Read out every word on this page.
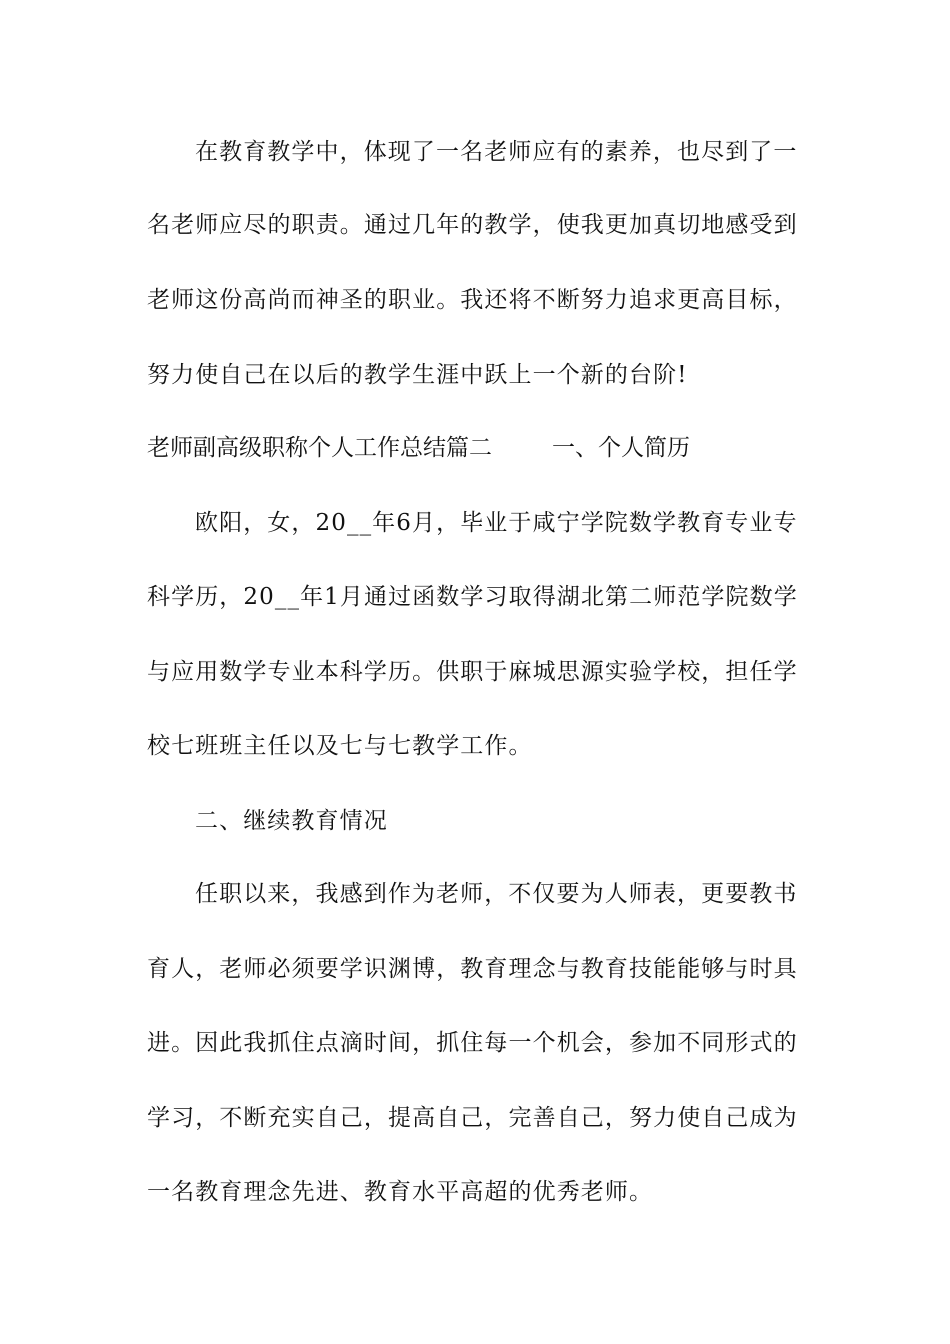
在教育教学中，体现了一名老师应有的素养，也尽到了一
名老师应尽的职责。通过几年的教学，使我更加真切地感受到
老师这份高尚而神圣的职业。我还将不断努力追求更高目标，
努力使自己在以后的教学生涯中跃上一个新的台阶!
老师副高级职称个人工作总结篇二	一、个人简历
欧阳，女，20__年6月，毕业于咸宁学院数学教育专业专
科学历，20__年1月通过函数学习取得湖北第二师范学院数学
与应用数学专业本科学历。供职于麻城思源实验学校，担任学
校七班班主任以及七与七教学工作。
二、继续教育情况
任职以来，我感到作为老师，不仅要为人师表，更要教书
育人，老师必须要学识渊博，教育理念与教育技能能够与时具
进。因此我抓住点滴时间，抓住每一个机会，参加不同形式的
学习，不断充实自己，提高自己，完善自己，努力使自己成为
一名教育理念先进、教育水平高超的优秀老师。
